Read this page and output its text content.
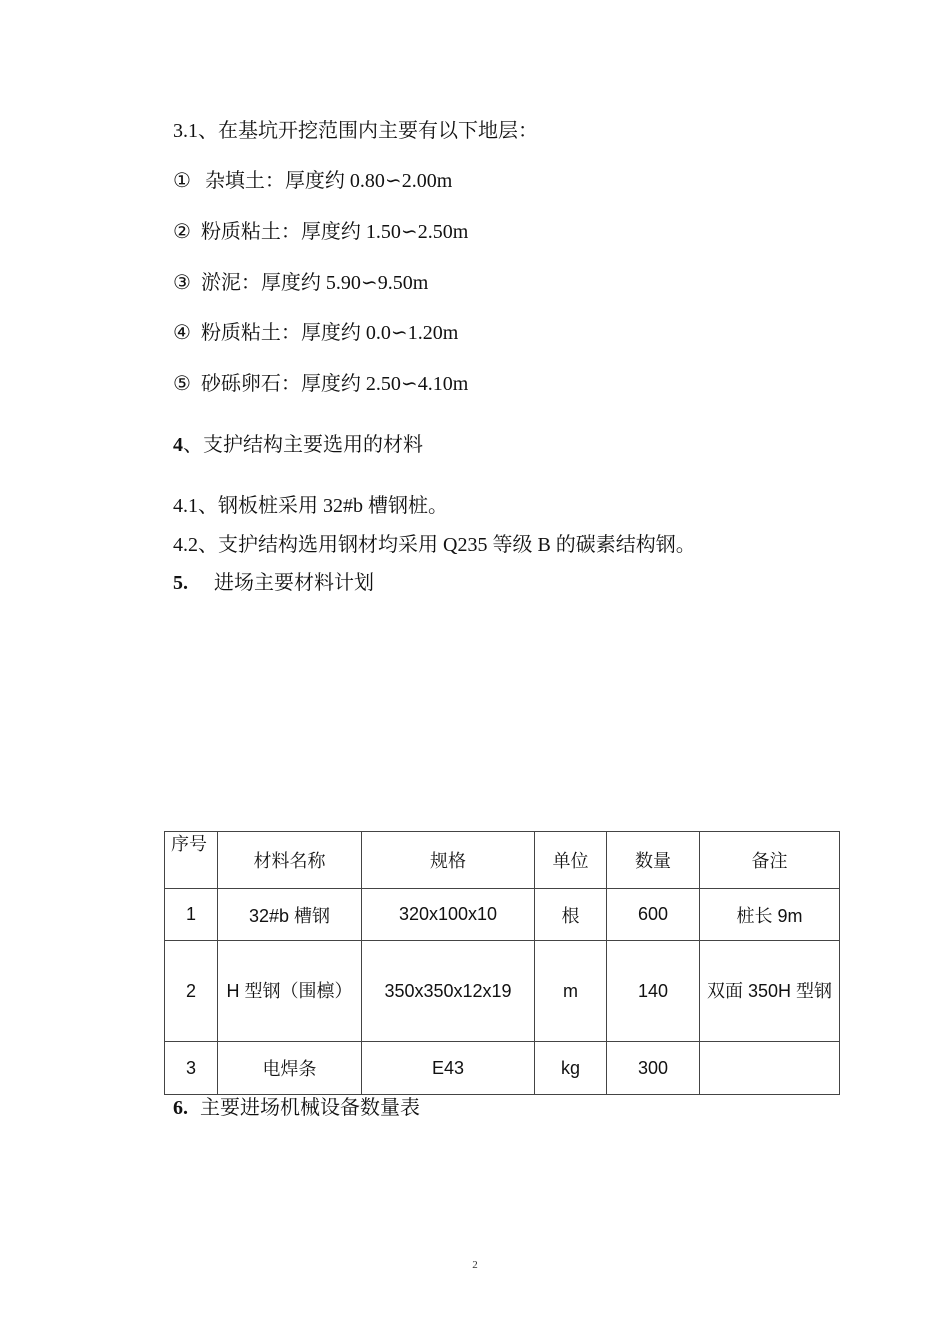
3.1、在基坑开挖范围内主要有以下地层：
① 杂填土：厚度约 0.80∽2.00m
② 粉质粘土：厚度约 1.50∽2.50m
③ 淤泥：厚度约 5.90∽9.50m
④ 粉质粘土：厚度约 0.0∽1.20m
⑤ 砂砾卵石：厚度约 2.50∽4.10m
4、支护结构主要选用的材料
4.1、钢板桩采用 32#b 槽钢桩。
4.2、支护结构选用钢材均采用 Q235 等级 B 的碳素结构钢。
5. 进场主要材料计划
序号	材料名称	规格	单位	数量	备注
1	32#b 槽钢	320x100x10	根	600	桩长 9m
2	H 型钢（围檩）	350x350x12x19	m	140	双面 350H 型钢
3	电焊条	E43	kg	300	
6. 主要进场机械设备数量表
2
